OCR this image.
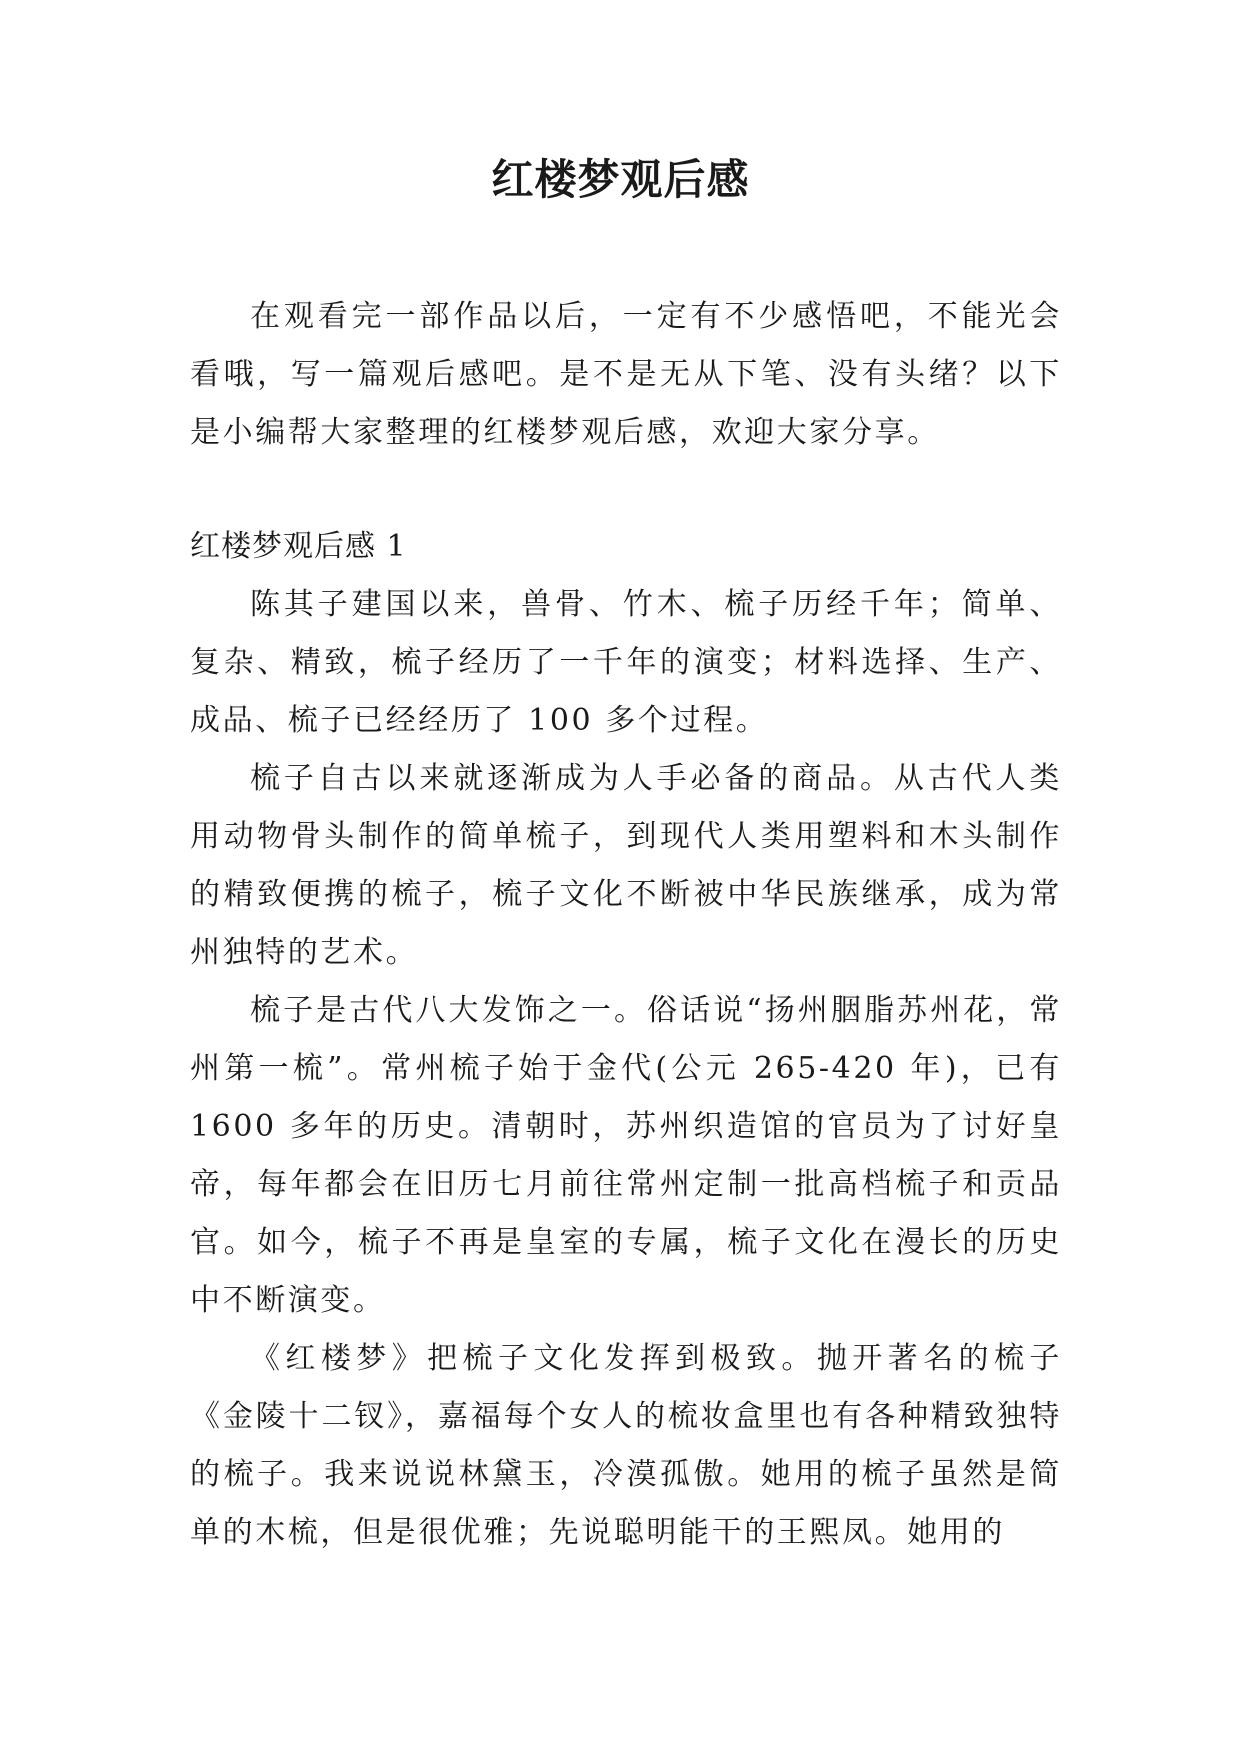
红楼梦观后感

在观看完一部作品以后，一定有不少感悟吧，不能光会看哦，写一篇观后感吧。是不是无从下笔、没有头绪？以下是小编帮大家整理的红楼梦观后感，欢迎大家分享。

红楼梦观后感 1

陈其子建国以来，兽骨、竹木、梳子历经千年；简单、复杂、精致，梳子经历了一千年的演变；材料选择、生产、成品、梳子已经经历了 100 多个过程。

梳子自古以来就逐渐成为人手必备的商品。从古代人类用动物骨头制作的简单梳子，到现代人类用塑料和木头制作的精致便携的梳子，梳子文化不断被中华民族继承，成为常州独特的艺术。

梳子是古代八大发饰之一。俗话说“扬州胭脂苏州花，常州第一梳”。常州梳子始于金代(公元 265-420 年)，已有 1600 多年的历史。清朝时，苏州织造馆的官员为了讨好皇帝，每年都会在旧历七月前往常州定制一批高档梳子和贡品官。如今，梳子不再是皇室的专属，梳子文化在漫长的历史中不断演变。

《红楼梦》把梳子文化发挥到极致。抛开著名的梳子《金陵十二钗》，嘉福每个女人的梳妆盒里也有各种精致独特的梳子。我来说说林黛玉，冷漠孤傲。她用的梳子虽然是简单的木梳，但是很优雅；先说聪明能干的王熙凤。她用的
